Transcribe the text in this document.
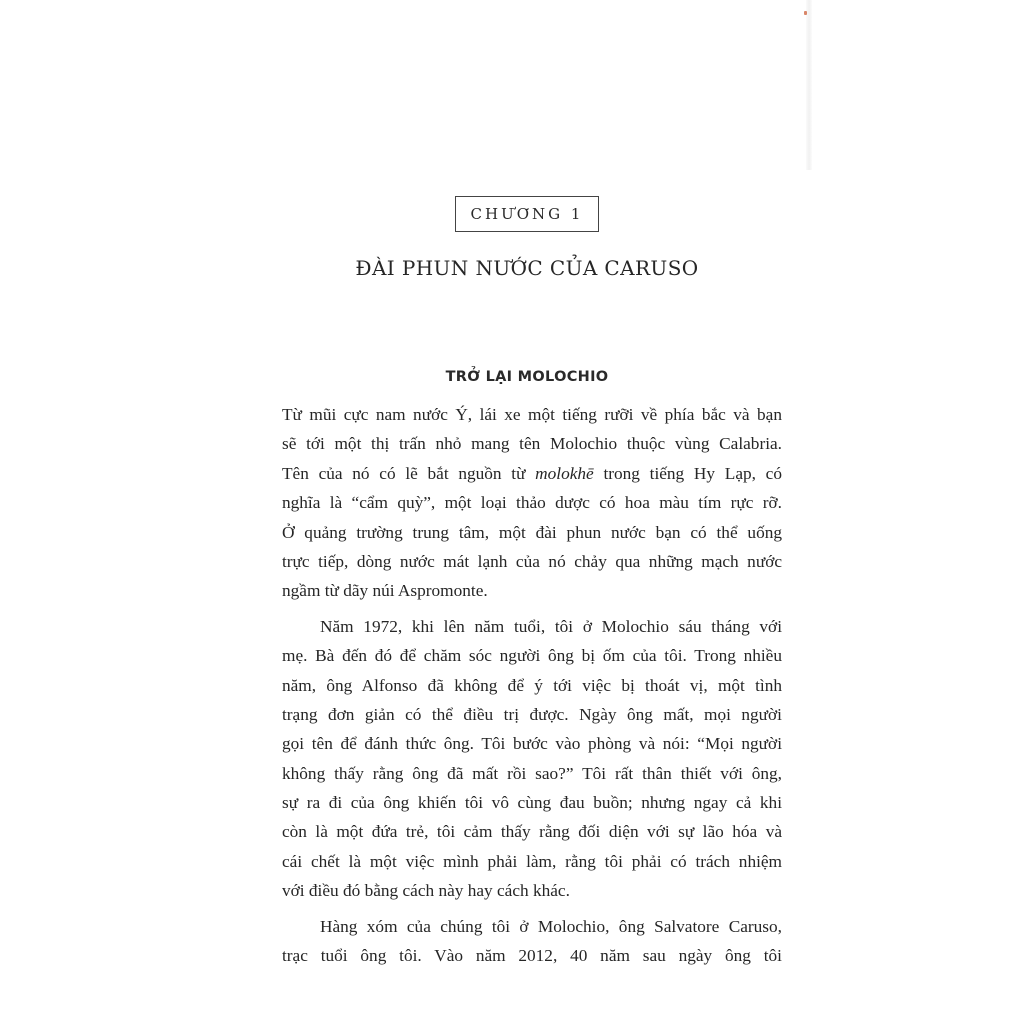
CHƯƠNG 1
ĐÀI PHUN NƯỚC CỦA CARUSO
TRỞ LẠI MOLOCHIO

Từ mũi cực nam nước Ý, lái xe một tiếng rưỡi về phía bắc và bạn
sẽ tới một thị trấn nhỏ mang tên Molochio thuộc vùng Calabria.
Tên của nó có lẽ bắt nguồn từ molokhē trong tiếng Hy Lạp, có
nghĩa là “cẩm quỳ”, một loại thảo dược có hoa màu tím rực rỡ.
Ở quảng trường trung tâm, một đài phun nước bạn có thể uống
trực tiếp, dòng nước mát lạnh của nó chảy qua những mạch nước
ngầm từ dãy núi Aspromonte.

Năm 1972, khi lên năm tuổi, tôi ở Molochio sáu tháng với
mẹ. Bà đến đó để chăm sóc người ông bị ốm của tôi. Trong nhiều
năm, ông Alfonso đã không để ý tới việc bị thoát vị, một tình
trạng đơn giản có thể điều trị được. Ngày ông mất, mọi người
gọi tên để đánh thức ông. Tôi bước vào phòng và nói: “Mọi người
không thấy rằng ông đã mất rồi sao?” Tôi rất thân thiết với ông,
sự ra đi của ông khiến tôi vô cùng đau buồn; nhưng ngay cả khi
còn là một đứa trẻ, tôi cảm thấy rằng đối diện với sự lão hóa và
cái chết là một việc mình phải làm, rằng tôi phải có trách nhiệm
với điều đó bằng cách này hay cách khác.

Hàng xóm của chúng tôi ở Molochio, ông Salvatore Caruso,
trạc tuổi ông tôi. Vào năm 2012, 40 năm sau ngày ông tôi
